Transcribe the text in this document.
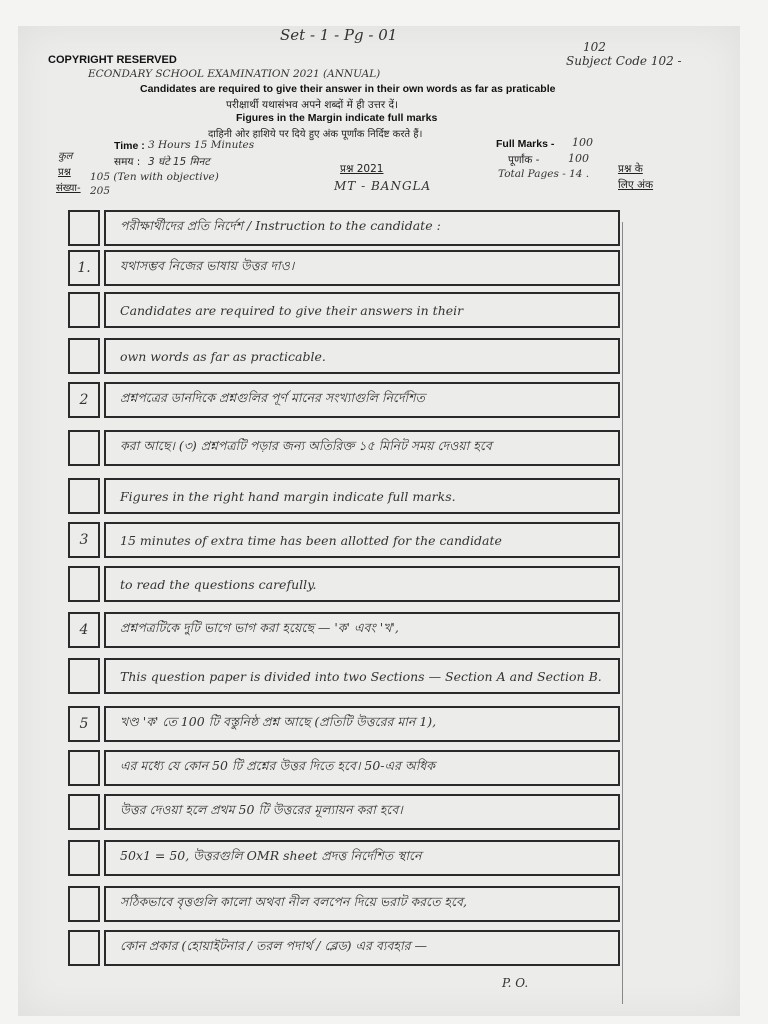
Set - 1 - Pg - 01
102
Subject Code 102 -
COPYRIGHT RESERVED
ECONDARY SCHOOL EXAMINATION 2021 (ANNUAL)
Candidates are required to give their answer in their own words as far as praticable
परीक्षार्थी यथासंभव अपने शब्दों में ही उत्तर दें।
Figures in the Margin indicate full marks
दाहिनी ओर हाशिये पर दिये हुए अंक पूर्णांक निर्दिष्ट करते हैं।
Time : 3 Hours 15 Minutes
समय : 3 घंटे 15 मिनट
कुल
प्रश्न
संख्या-
105 (Ten with objective)
205
प्रश्न 2021
MT - BANGLA
Full Marks - 100
पूर्णांक -	100
Total Pages - 14 .	प्रश्न के
लिए अंक
পরীক্ষার্থীদের প্রতি নির্দেশ / Instruction to the candidate :
1.	যথাসম্ভব নিজের ভাষায় উত্তর দাও।
Candidates are required to give their answers in their
own words as far as practicable.
2	প্রশ্নপত্রের ডানদিকে প্রশ্নগুলির পূর্ণ মানের সংখ্যাগুলি নির্দেশিত
করা আছে। (৩) প্রশ্নপত্রটি পড়ার জন্য অতিরিক্ত ১৫ মিনিট সময় দেওয়া হবে
Figures in the right hand margin indicate full marks.
3	15 minutes of extra time has been allotted for the candidate
to read the questions carefully.
4	প্রশ্নপত্রটিকে দুটি ভাগে ভাগ করা হয়েছে — 'ক' এবং 'খ',
This question paper is divided into two Sections — Section A and Section B.
5	খণ্ড 'ক' তে 100 টি বস্তুনিষ্ঠ প্রশ্ন আছে (প্রতিটি উত্তরের মান 1),
এর মধ্যে যে কোন 50 টি প্রশ্নের উত্তর দিতে হবে। 50-এর অধিক
উত্তর দেওয়া হলে প্রথম 50 টি উত্তরের মূল্যায়ন করা হবে।
50x1 = 50, উত্তরগুলি OMR sheet প্রদত্ত নির্দেশিত স্থানে
সঠিকভাবে বৃত্তগুলি কালো অথবা নীল বলপেন দিয়ে ভরাট করতে হবে,
কোন প্রকার (হোয়াইটনার / তরল পদার্থ / ব্লেড) এর ব্যবহার —
P. O.
